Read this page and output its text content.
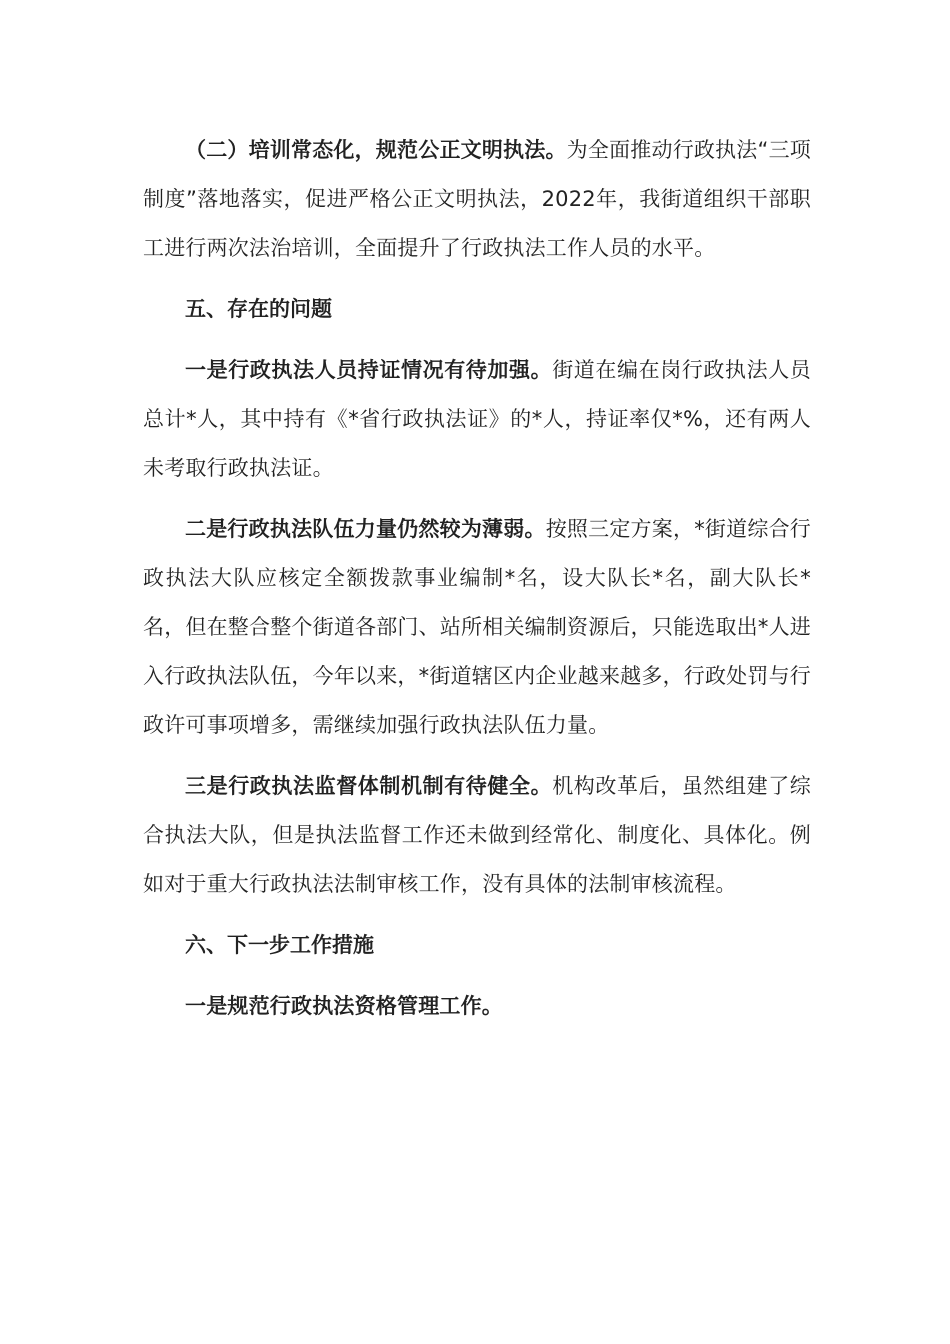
（二）培训常态化，规范公正文明执法。为全面推动行政执法“三项制度”落地落实，促进严格公正文明执法，2022年，我街道组织干部职工进行两次法治培训，全面提升了行政执法工作人员的水平。

五、存在的问题

一是行政执法人员持证情况有待加强。街道在编在岗行政执法人员总计*人，其中持有《*省行政执法证》的*人，持证率仅*%，还有两人未考取行政执法证。

二是行政执法队伍力量仍然较为薄弱。按照三定方案，*街道综合行政执法大队应核定全额拨款事业编制*名，设大队长*名，副大队长*名，但在整合整个街道各部门、站所相关编制资源后，只能选取出*人进入行政执法队伍，今年以来，*街道辖区内企业越来越多，行政处罚与行政许可事项增多，需继续加强行政执法队伍力量。

三是行政执法监督体制机制有待健全。机构改革后，虽然组建了综合执法大队，但是执法监督工作还未做到经常化、制度化、具体化。例如对于重大行政执法法制审核工作，没有具体的法制审核流程。

六、下一步工作措施

一是规范行政执法资格管理工作。
